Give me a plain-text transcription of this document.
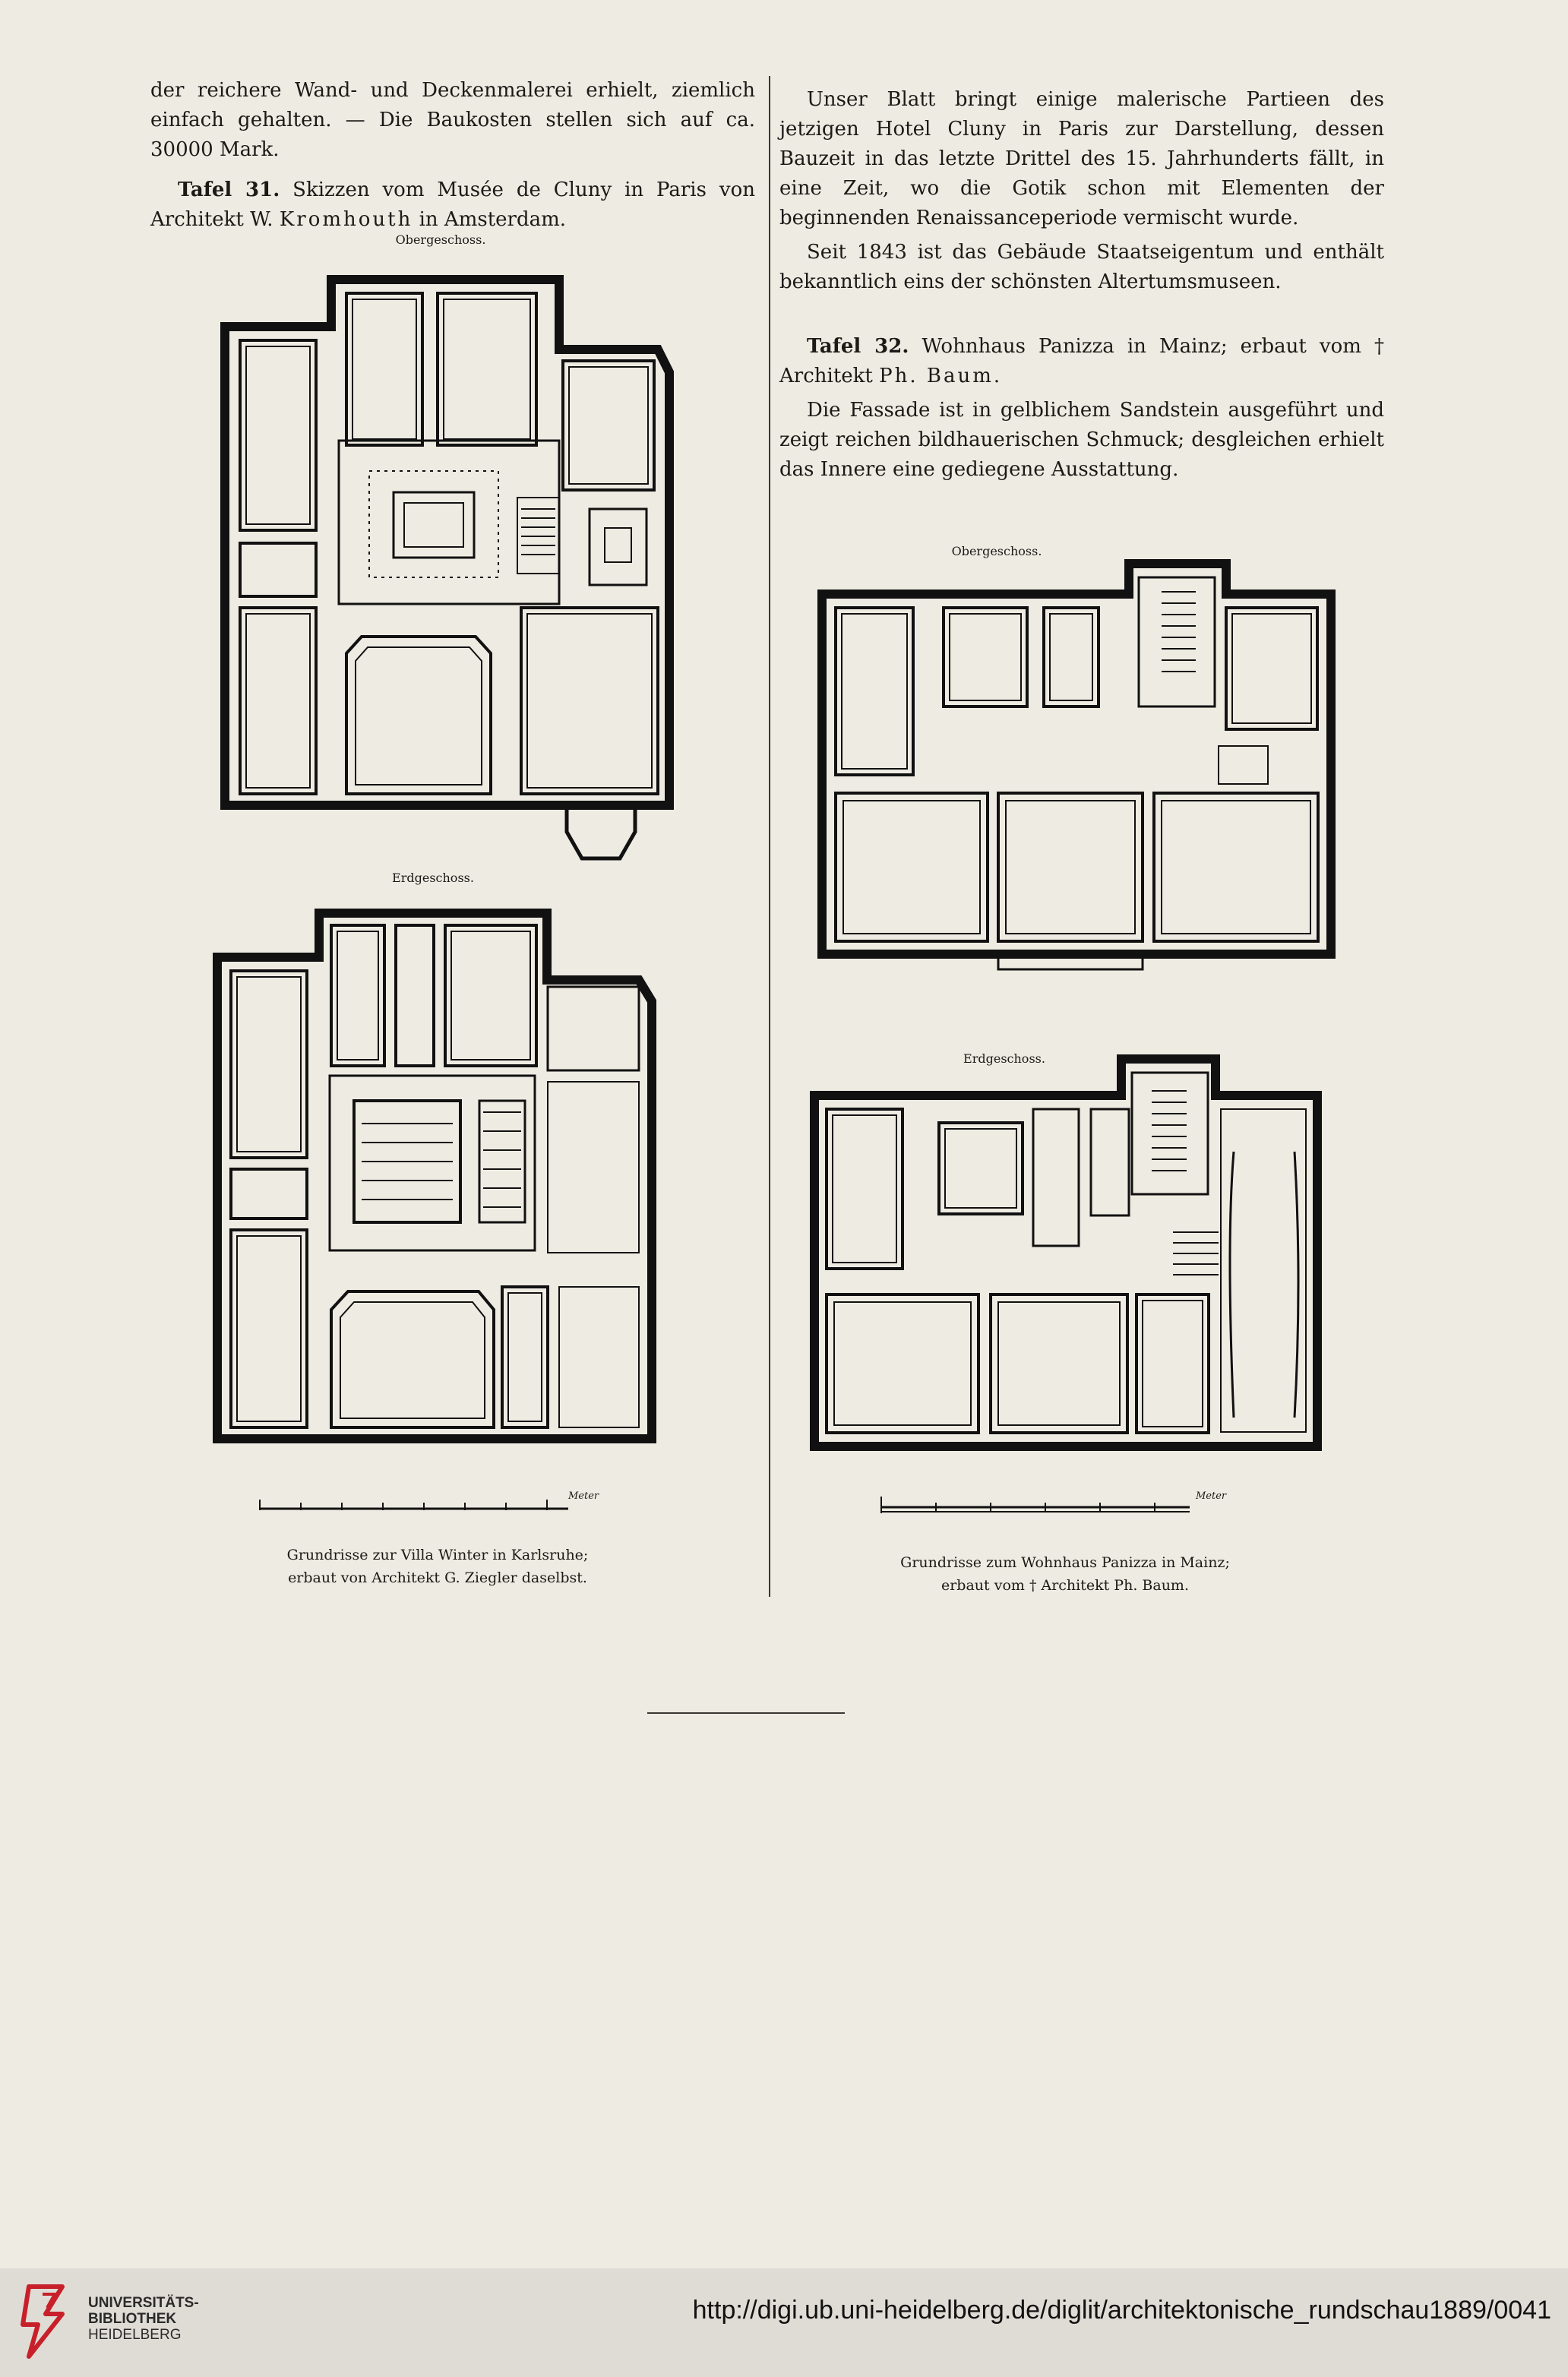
der reichere Wand- und Deckenmalerei erhielt, ziemlich einfach gehalten. — Die Baukosten stellen sich auf ca. 30000 Mark.

Tafel 31. Skizzen vom Musée de Cluny in Paris von Architekt W. Kromhouth in Amsterdam.

Unser Blatt bringt einige malerische Partieen des jetzigen Hotel Cluny in Paris zur Darstellung, dessen Bauzeit in das letzte Drittel des 15. Jahrhunderts fällt, in eine Zeit, wo die Gotik schon mit Elementen der beginnenden Renaissanceperiode vermischt wurde.

Seit 1843 ist das Gebäude Staatseigentum und enthält bekanntlich eins der schönsten Altertumsmuseen.

Tafel 32. Wohnhaus Panizza in Mainz; erbaut vom † Architekt Ph. Baum.

Die Fassade ist in gelblichem Sandstein ausgeführt und zeigt reichen bildhauerischen Schmuck; desgleichen erhielt das Innere eine gediegene Ausstattung.

Obergeschoss.
Erdgeschoss.
Meter
Grundrisse zur Villa Winter in Karlsruhe;
erbaut von Architekt G. Ziegler daselbst.
Obergeschoss.
Erdgeschoss.
Meter
Grundrisse zum Wohnhaus Panizza in Mainz;
erbaut vom † Architekt Ph. Baum.
UNIVERSITÄTS-
BIBLIOTHEK
HEIDELBERG
http://digi.ub.uni-heidelberg.de/diglit/architektonische_rundschau1889/0041
